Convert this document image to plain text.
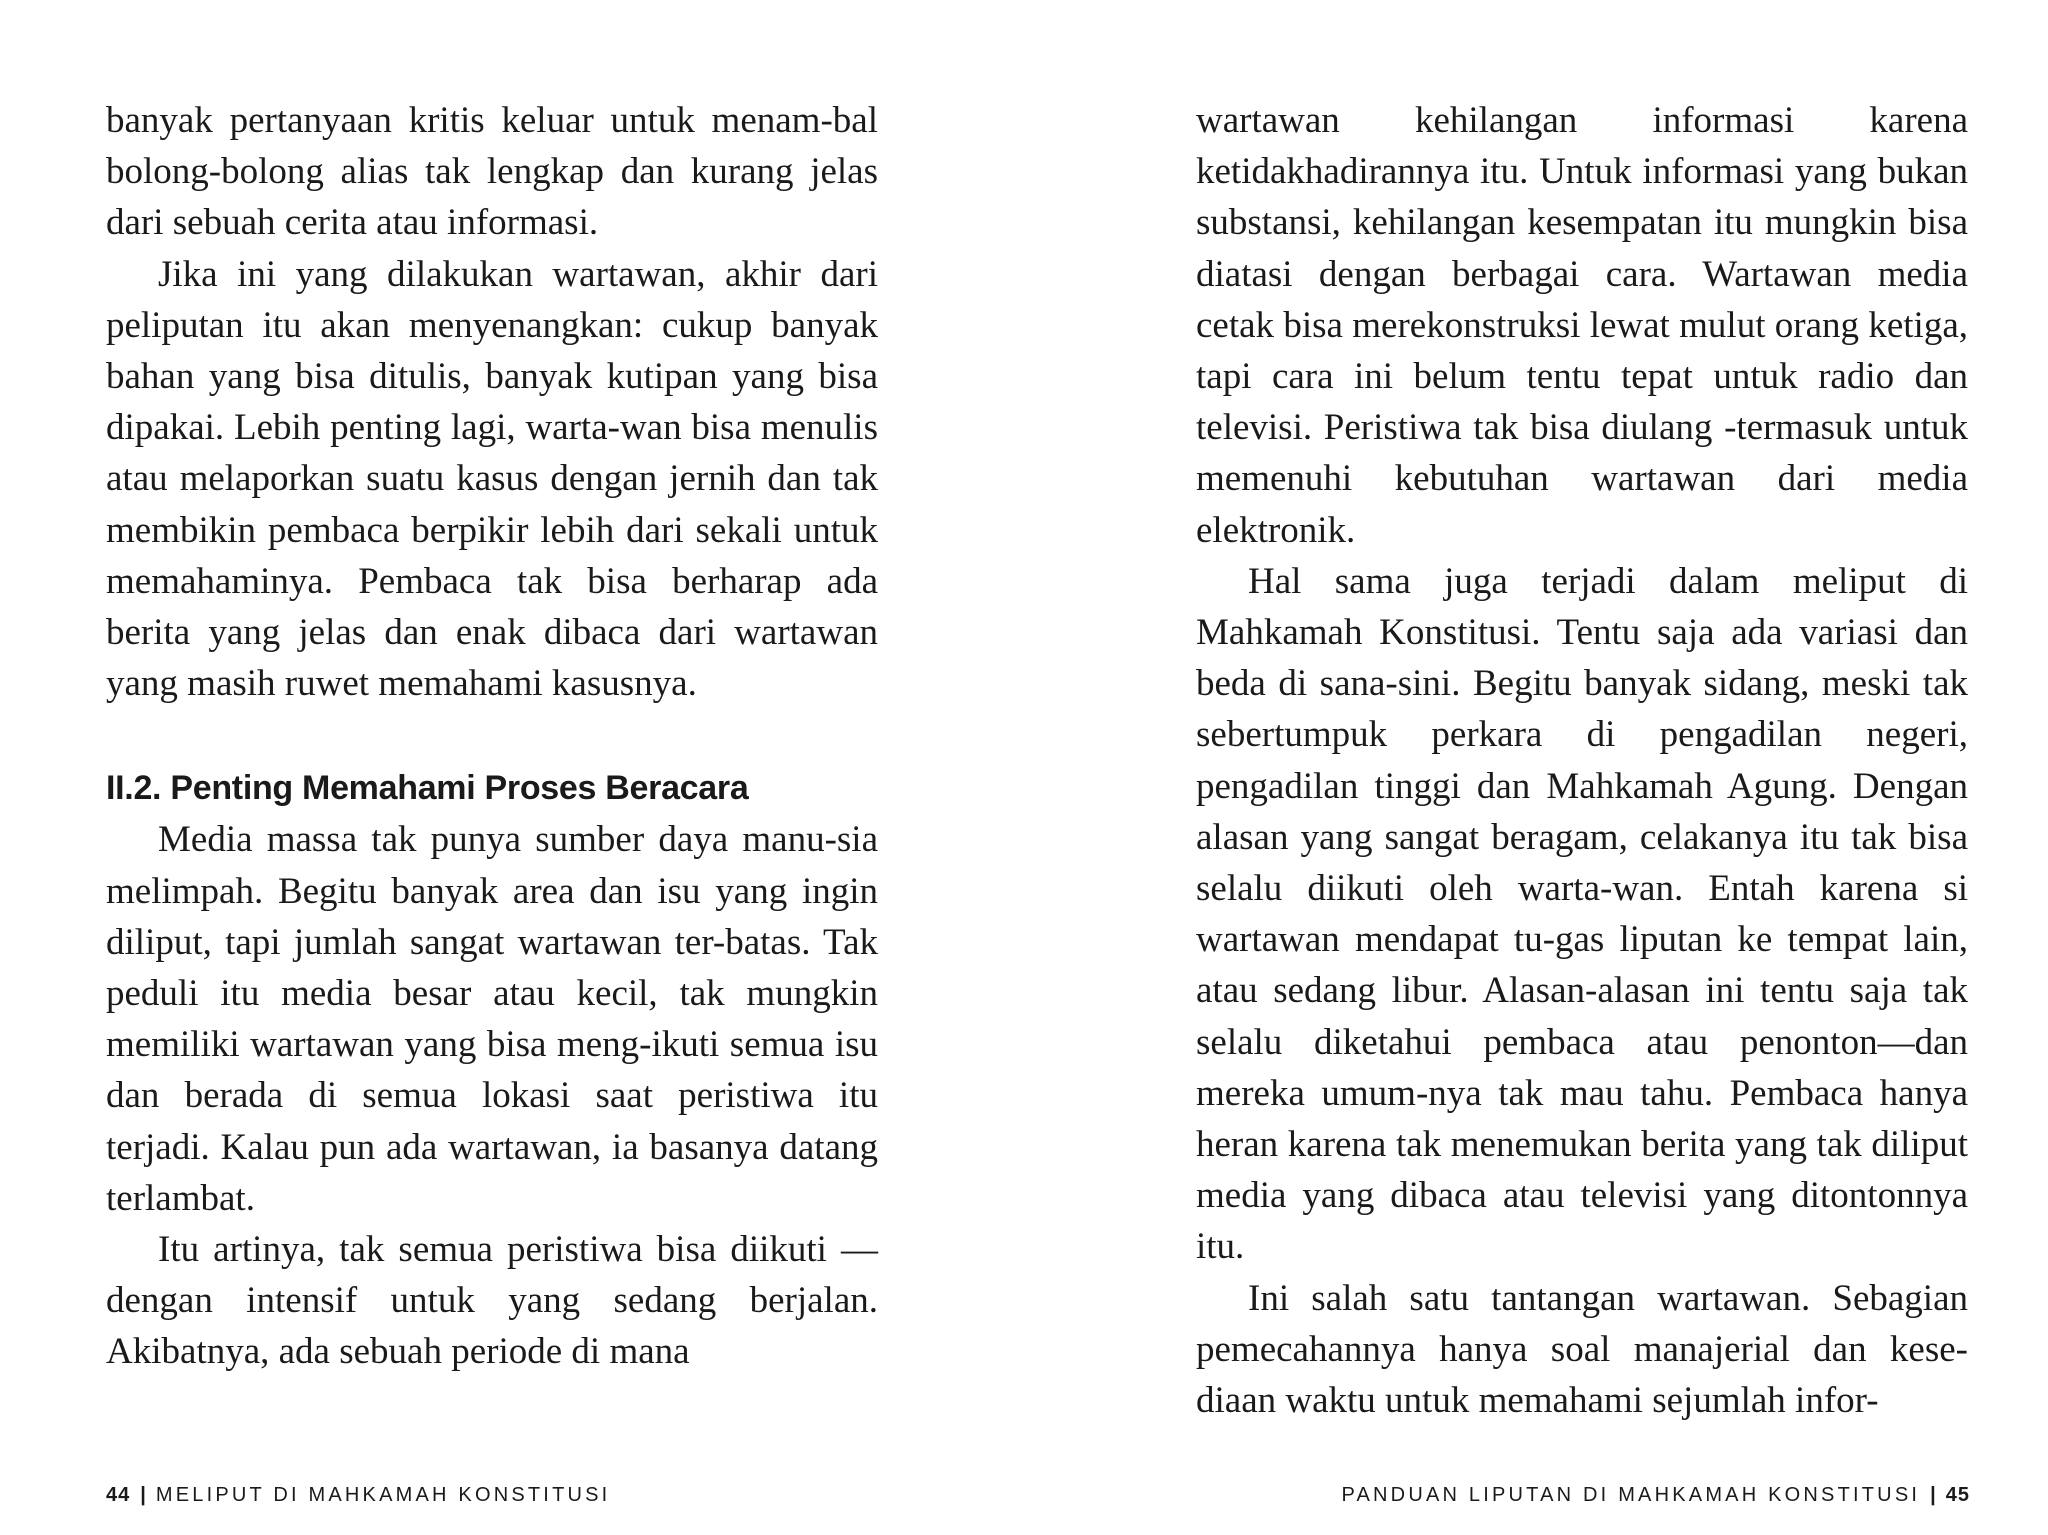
banyak pertanyaan kritis keluar untuk menam-bal bolong-bolong alias tak lengkap dan kurang jelas dari sebuah cerita atau informasi.

Jika ini yang dilakukan wartawan, akhir dari peliputan itu akan menyenangkan: cukup banyak bahan yang bisa ditulis, banyak kutipan yang bisa dipakai. Lebih penting lagi, warta-wan bisa menulis atau melaporkan suatu kasus dengan jernih dan tak membikin pembaca berpikir lebih dari sekali untuk memahaminya. Pembaca tak bisa berharap ada berita yang jelas dan enak dibaca dari wartawan yang masih ruwet memahami kasusnya.

II.2. Penting Memahami Proses Beracara

Media massa tak punya sumber daya manu-sia melimpah. Begitu banyak area dan isu yang ingin diliput, tapi jumlah sangat wartawan ter-batas. Tak peduli itu media besar atau kecil, tak mungkin memiliki wartawan yang bisa meng-ikuti semua isu dan berada di semua lokasi saat peristiwa itu terjadi. Kalau pun ada wartawan, ia basanya datang terlambat.

Itu artinya, tak semua peristiwa bisa diikuti —dengan intensif untuk yang sedang berjalan. Akibatnya, ada sebuah periode di mana

wartawan kehilangan informasi karena ketidakhadirannya itu. Untuk informasi yang bukan substansi, kehilangan kesempatan itu mungkin bisa diatasi dengan berbagai cara. Wartawan media cetak bisa merekonstruksi lewat mulut orang ketiga, tapi cara ini belum tentu tepat untuk radio dan televisi. Peristiwa tak bisa diulang -termasuk untuk memenuhi kebutuhan wartawan dari media elektronik.

Hal sama juga terjadi dalam meliput di Mahkamah Konstitusi. Tentu saja ada variasi dan beda di sana-sini. Begitu banyak sidang, meski tak sebertumpuk perkara di pengadilan negeri, pengadilan tinggi dan Mahkamah Agung. Dengan alasan yang sangat beragam, celakanya itu tak bisa selalu diikuti oleh warta-wan. Entah karena si wartawan mendapat tu-gas liputan ke tempat lain, atau sedang libur. Alasan-alasan ini tentu saja tak selalu diketahui pembaca atau penonton—dan mereka umum-nya tak mau tahu. Pembaca hanya heran karena tak menemukan berita yang tak diliput media yang dibaca atau televisi yang ditontonnya itu.

Ini salah satu tantangan wartawan. Sebagian pemecahannya hanya soal manajerial dan kese-diaan waktu untuk memahami sejumlah infor-

44 | MELIPUT DI MAHKAMAH KONSTITUSI	PANDUAN LIPUTAN DI MAHKAMAH KONSTITUSI | 45
